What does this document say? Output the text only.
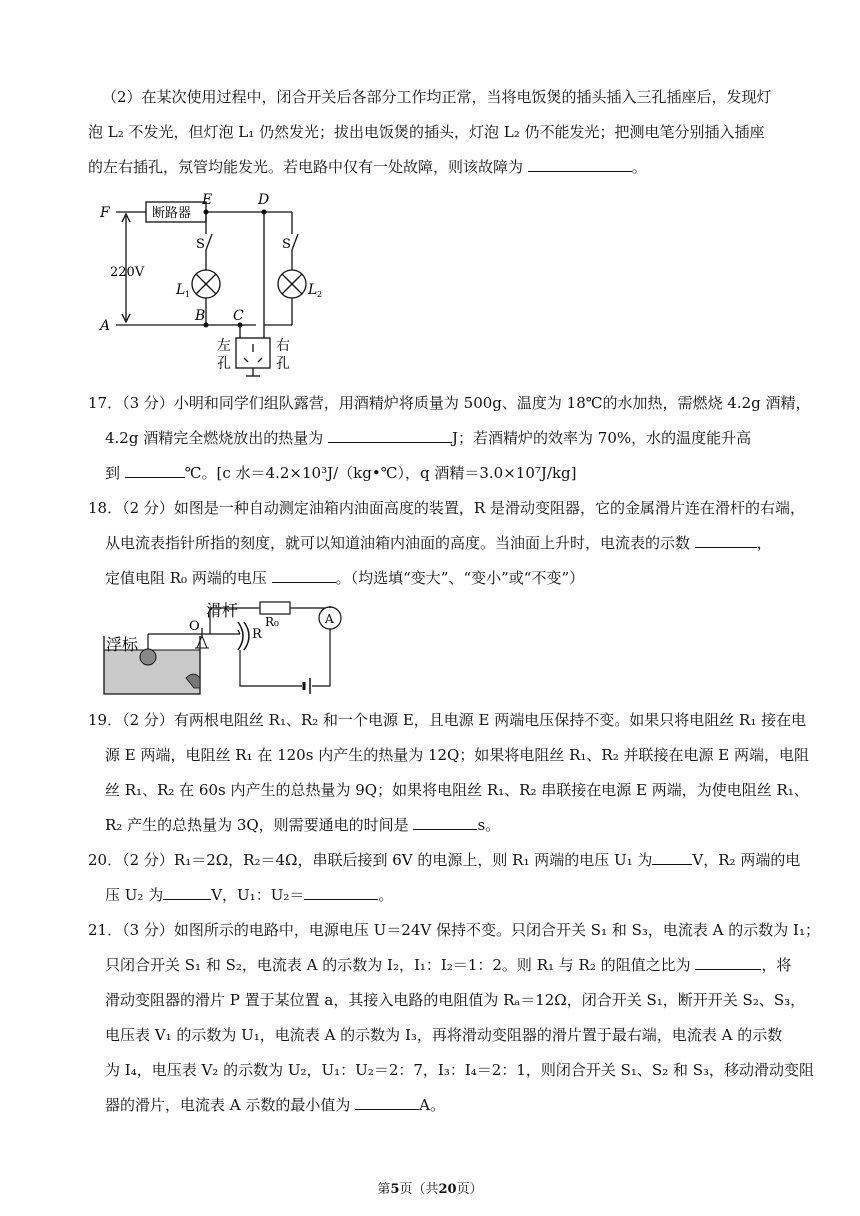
（2）在某次使用过程中，闭合开关后各部分工作均正常，当将电饭煲的插头插入三孔插座后，发现灯
泡 L₂ 不发光，但灯泡 L₁ 仍然发光；拔出电饭煲的插头，灯泡 L₂ 仍不能发光；把测电笔分别插入插座
的左右插孔，氖管均能发光。若电路中仅有一处故障，则该故障为	。
F	断路器
E	D
S	S
220V
L 1	L 2
A
B C
左
孔
右
孔
17．（3 分）小明和同学们组队露营，用酒精炉将质量为 500g、温度为 18℃的水加热，需燃烧 4.2g 酒精，
4.2g 酒精完全燃烧放出的热量为	J；若酒精炉的效率为 70%，水的温度能升高
到	℃。[c 水＝4.2×10³J/（kg•℃），q 酒精＝3.0×10⁷J/kg]
18．（2 分）如图是一种自动测定油箱内油面高度的装置，R 是滑动变阻器，它的金属滑片连在滑杆的右端，
从电流表指针所指的刻度，就可以知道油箱内油面的高度。当油面上升时，电流表的示数	，
定值电阻 R₀ 两端的电压	。（均选填“变大”、“变小”或“不变”）
浮标
滑杆
O
R
R₀	A
19．（2 分）有两根电阻丝 R₁、R₂ 和一个电源 E，且电源 E 两端电压保持不变。如果只将电阻丝 R₁ 接在电
源 E 两端，电阻丝 R₁ 在 120s 内产生的热量为 12Q；如果将电阻丝 R₁、R₂ 并联接在电源 E 两端，电阻
丝 R₁、R₂ 在 60s 内产生的总热量为 9Q；如果将电阻丝 R₁、R₂ 串联接在电源 E 两端，为使电阻丝 R₁、
R₂ 产生的总热量为 3Q，则需要通电的时间是	s。
20．（2 分）R₁＝2Ω，R₂＝4Ω，串联后接到 6V 的电源上，则 R₁ 两端的电压 U₁ 为	V，R₂ 两端的电
压 U₂ 为	V，U₁：U₂＝	。
21．（3 分）如图所示的电路中，电源电压 U＝24V 保持不变。只闭合开关 S₁ 和 S₃，电流表 A 的示数为 I₁；
只闭合开关 S₁ 和 S₂，电流表 A 的示数为 I₂，I₁：I₂＝1：2。则 R₁ 与 R₂ 的阻值之比为	，将
滑动变阻器的滑片 P 置于某位置 a，其接入电路的电阻值为 Rₐ＝12Ω，闭合开关 S₁，断开开关 S₂、S₃，
电压表 V₁ 的示数为 U₁，电流表 A 的示数为 I₃，再将滑动变阻器的滑片置于最右端，电流表 A 的示数
为 I₄，电压表 V₂ 的示数为 U₂，U₁：U₂＝2：7，I₃：I₄＝2：1，则闭合开关 S₁、S₂ 和 S₃，移动滑动变阻
器的滑片，电流表 A 示数的最小值为	A。
第5页（共20页）
